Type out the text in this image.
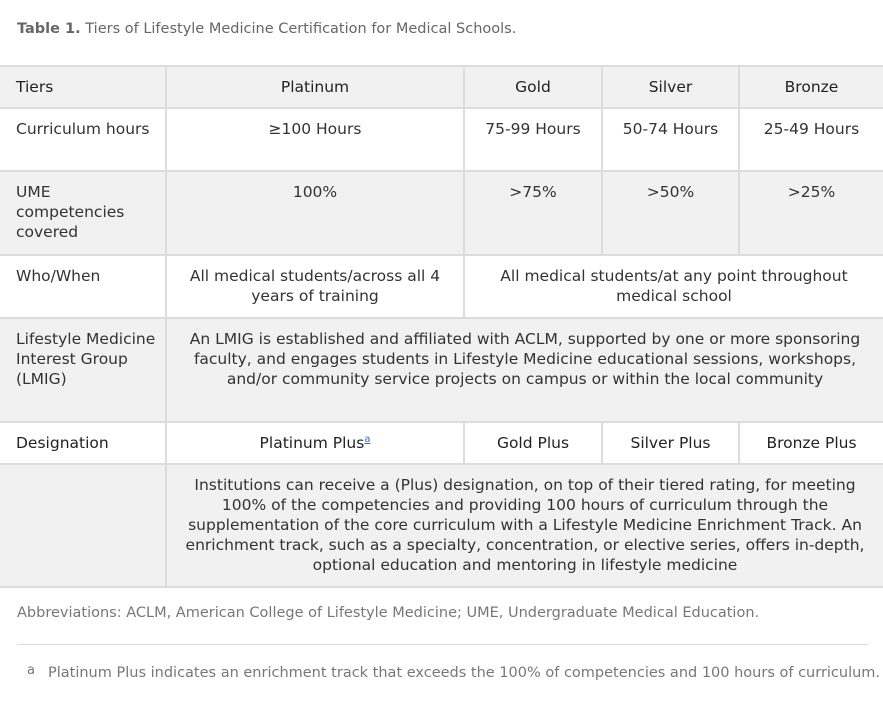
Table 1. Tiers of Lifestyle Medicine Certification for Medical Schools.
Tiers	Platinum	Gold	Silver	Bronze
Curriculum hours	≥100 Hours	75-99 Hours	50-74 Hours	25-49 Hours
UME competencies covered	100%	>75%	>50%	>25%
Who/When	All medical students/across all 4 years of training	All medical students/at any point throughout medical school		
Lifestyle Medicine Interest Group (LMIG)	An LMIG is established and affiliated with ACLM, supported by one or more sponsoring faculty, and engages students in Lifestyle Medicine educational sessions, workshops, and/or community service projects on campus or within the local community			
Designation	Platinum Plus$^a$	Gold Plus	Silver Plus	Bronze Plus
	Institutions can receive a (Plus) designation, on top of their tiered rating, for meeting 100% of the competencies and providing 100 hours of curriculum through the supplementation of the core curriculum with a Lifestyle Medicine Enrichment Track. An enrichment track, such as a specialty, concentration, or elective series, offers in-depth, optional education and mentoring in lifestyle medicine			
Abbreviations: ACLM, American College of Lifestyle Medicine; UME, Undergraduate Medical Education.
a Platinum Plus indicates an enrichment track that exceeds the 100% of competencies and 100 hours of curriculum.
